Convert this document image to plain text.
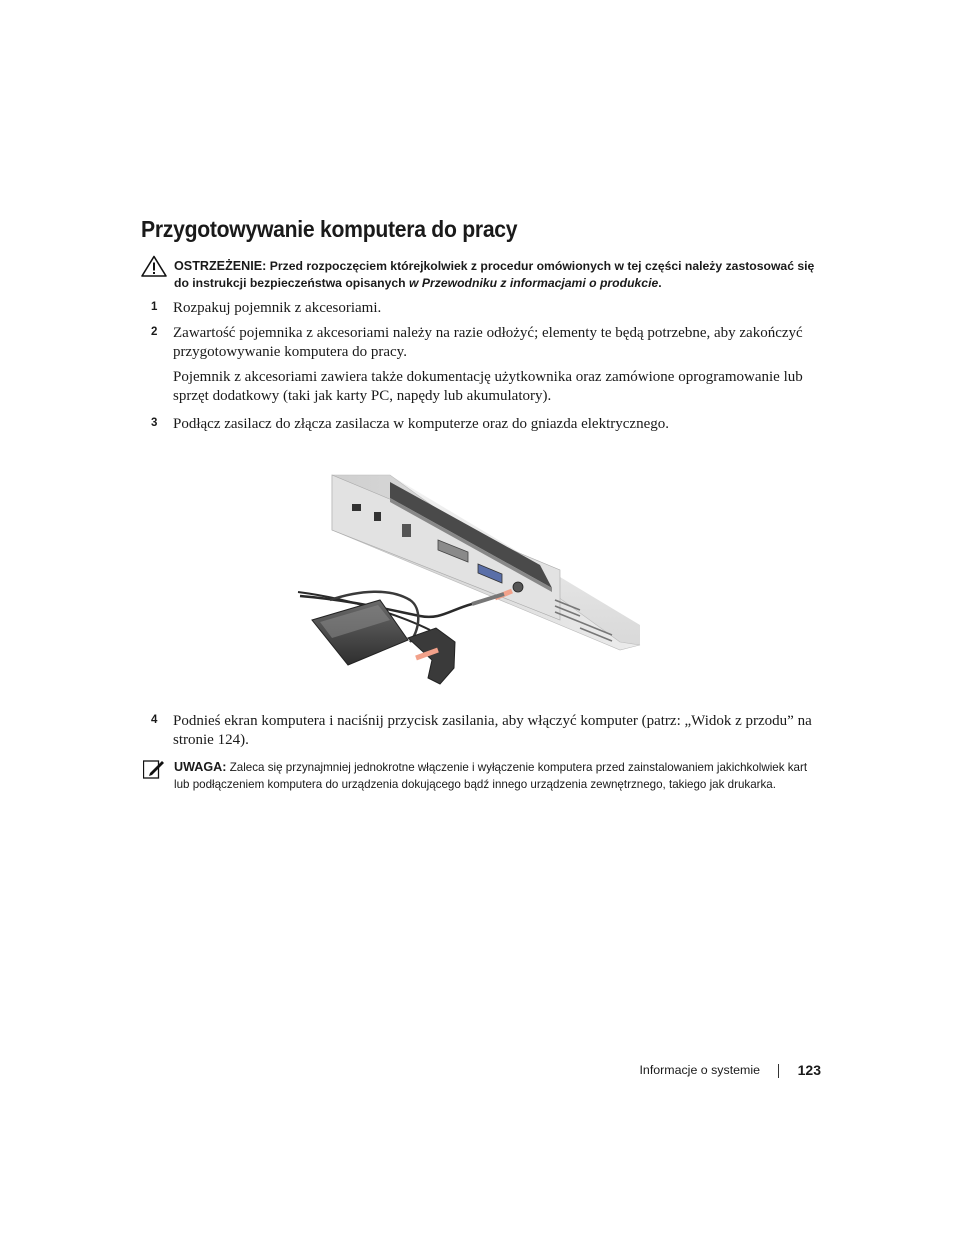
Przygotowywanie komputera do pracy
OSTRZEŻENIE: Przed rozpoczęciem którejkolwiek z procedur omówionych w tej części należy zastosować się do instrukcji bezpieczeństwa opisanych w Przewodniku z informacjami o produkcie.
1 Rozpakuj pojemnik z akcesoriami.
2 Zawartość pojemnika z akcesoriami należy na razie odłożyć; elementy te będą potrzebne, aby zakończyć przygotowywanie komputera do pracy.
Pojemnik z akcesoriami zawiera także dokumentację użytkownika oraz zamówione oprogramowanie lub sprzęt dodatkowy (taki jak karty PC, napędy lub akumulatory).
3 Podłącz zasilacz do złącza zasilacza w komputerze oraz do gniazda elektrycznego.
4 Podnieś ekran komputera i naciśnij przycisk zasilania, aby włączyć komputer (patrz: „Widok z przodu” na stronie 124).
UWAGA: Zaleca się przynajmniej jednokrotne włączenie i wyłączenie komputera przed zainstalowaniem jakichkolwiek kart lub podłączeniem komputera do urządzenia dokującego bądź innego urządzenia zewnętrznego, takiego jak drukarka.
Informacje o systemie	123
